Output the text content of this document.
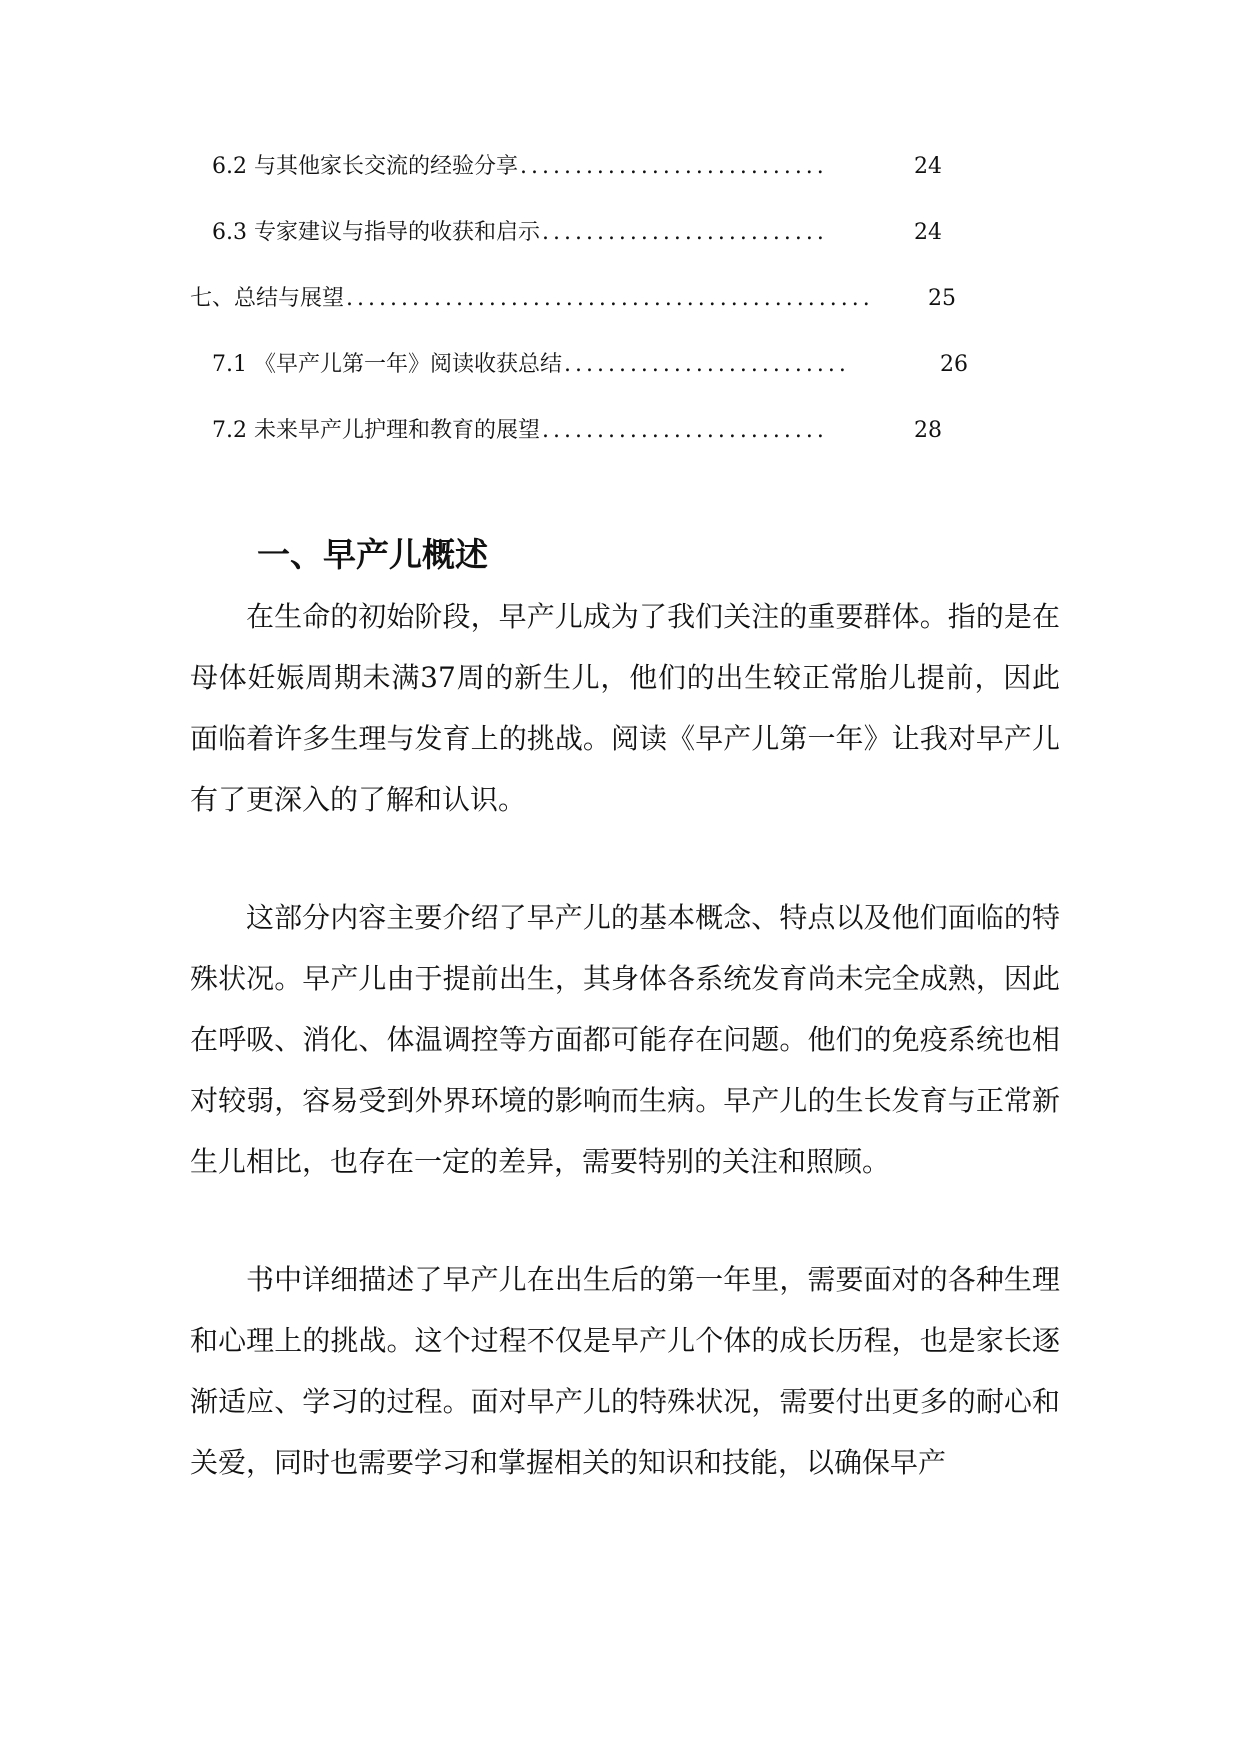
6.2 与其他家长交流的经验分享 ............................	24
6.3 专家建议与指导的收获和启示 ..........................	24
七、总结与展望 ................................................	25
7.1 《早产儿第一年》阅读收获总结 ..........................	26
7.2 未来早产儿护理和教育的展望 ..........................	28
一、早产儿概述

在生命的初始阶段，早产儿成为了我们关注的重要群体。指的是在母体妊娠周期未满37周的新生儿，他们的出生较正常胎儿提前，因此面临着许多生理与发育上的挑战。阅读《早产儿第一年》让我对早产儿有了更深入的了解和认识。

这部分内容主要介绍了早产儿的基本概念、特点以及他们面临的特殊状况。早产儿由于提前出生，其身体各系统发育尚未完全成熟，因此在呼吸、消化、体温调控等方面都可能存在问题。他们的免疫系统也相对较弱，容易受到外界环境的影响而生病。早产儿的生长发育与正常新生儿相比，也存在一定的差异，需要特别的关注和照顾。

书中详细描述了早产儿在出生后的第一年里，需要面对的各种生理和心理上的挑战。这个过程不仅是早产儿个体的成长历程，也是家长逐渐适应、学习的过程。面对早产儿的特殊状况，需要付出更多的耐心和关爱，同时也需要学习和掌握相关的知识和技能，以确保早产
